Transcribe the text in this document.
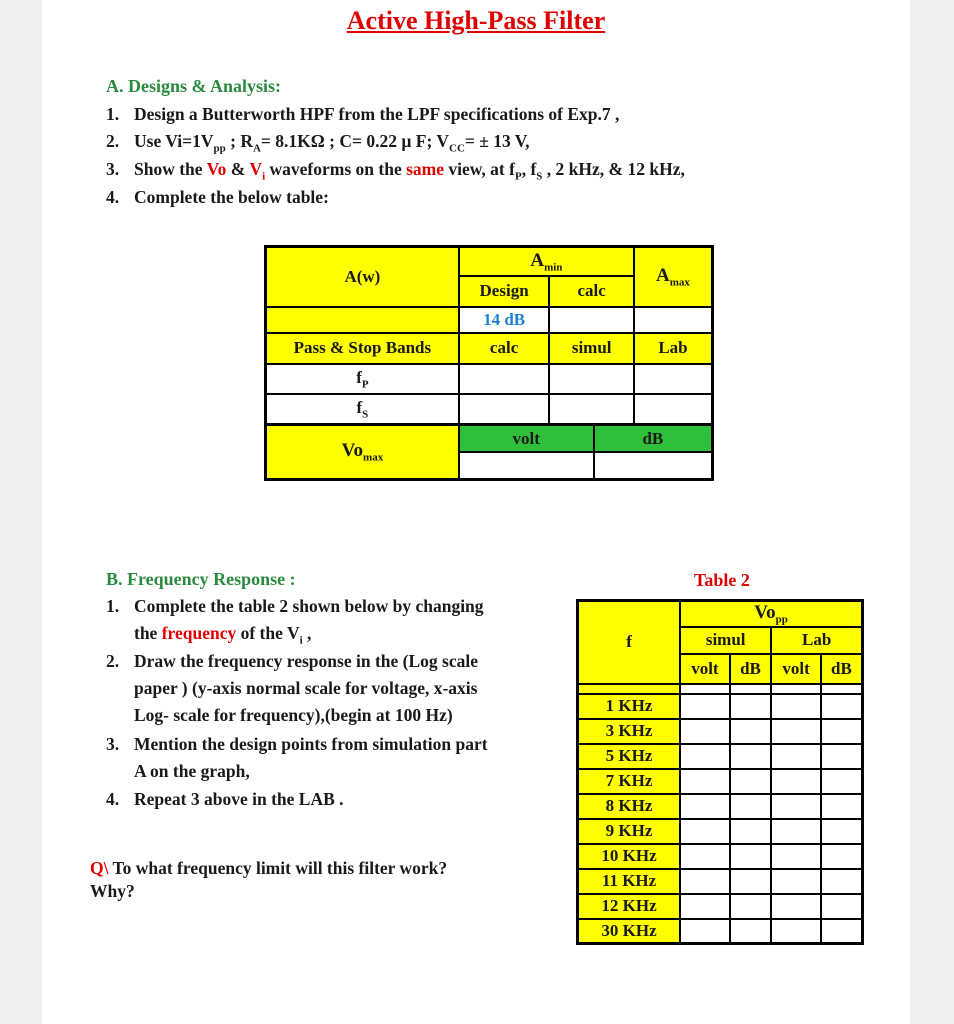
Active High-Pass Filter
A. Designs & Analysis:
1. Design a Butterworth HPF from the LPF specifications of Exp.7 ,
2. Use $Vi=1V_{pp}$ ; $R_A= 8.1K\Omega$ ; C= 0.22 µ F; $V_{CC}= \pm 13$ V,
3. Show the Vo & $V_i$ waveforms on the same view, at $f_P$, $f_S$ , 2 kHz, & 12 kHz,
4. Complete the below table:
A(w)	$A_{min}$			$A_{max}$
	Design	calc		
	14 dB			
Pass & Stop Bands	calc	simul		Lab
$f_P$			
$f_S$			
$Vo_{max}$	volt		dB	

B. Frequency Response :
1. Complete the table 2 shown below by changing
the frequency of the $V_i$ ,
2. Draw the frequency response in the (Log scale
paper ) (y-axis normal scale for voltage, x-axis
Log- scale for frequency),(begin at 100 Hz)
3. Mention the design points from simulation part
A on the graph,
4. Repeat 3 above in the LAB .
Q\ To what frequency limit will this filter work?
Why?
Table 2
f	$Vo_{pp}$
	simul		Lab	
	volt	dB	volt	dB

1 KHz				
3 KHz				
5 KHz				
7 KHz				
8 KHz				
9 KHz				
10 KHz				
11 KHz				
12 KHz				
30 KHz				
